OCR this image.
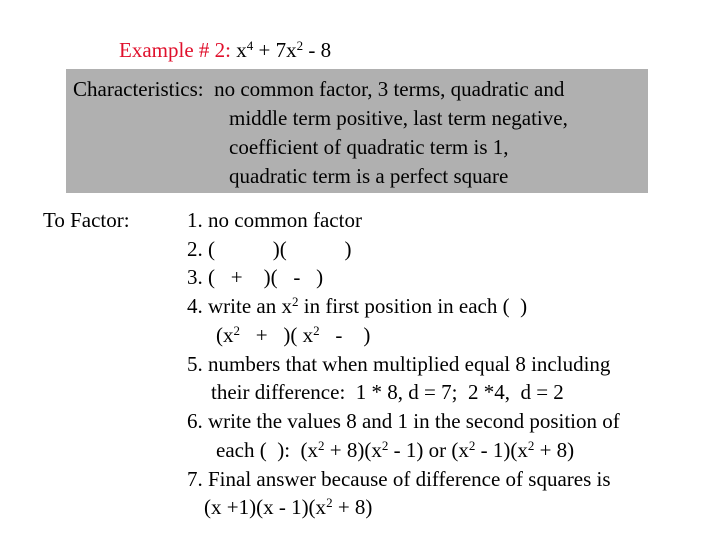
Example # 2: $x^4 + 7x^2 - 8$
Characteristics:  no common factor, 3 terms, quadratic and
middle term positive, last term negative,
coefficient of quadratic term is 1,
quadratic term is a perfect square
To Factor:	1. no common factor
2. (           )(           )
3. (   +    )(   -   )
4. write an $x^2$ in first position in each (  )
($x^2$   +   )( $x^2$   -    )
5. numbers that when multiplied equal 8 including
their difference:  1 * 8, d = 7;  2 *4,  d = 2
6. write the values 8 and 1 in the second position of
each (  ):  $(x^2 + 8)(x^2 - 1)$ or $(x^2 - 1)(x^2 + 8)$
7. Final answer because of difference of squares is
$(x +1)(x - 1)(x^2 + 8)$
